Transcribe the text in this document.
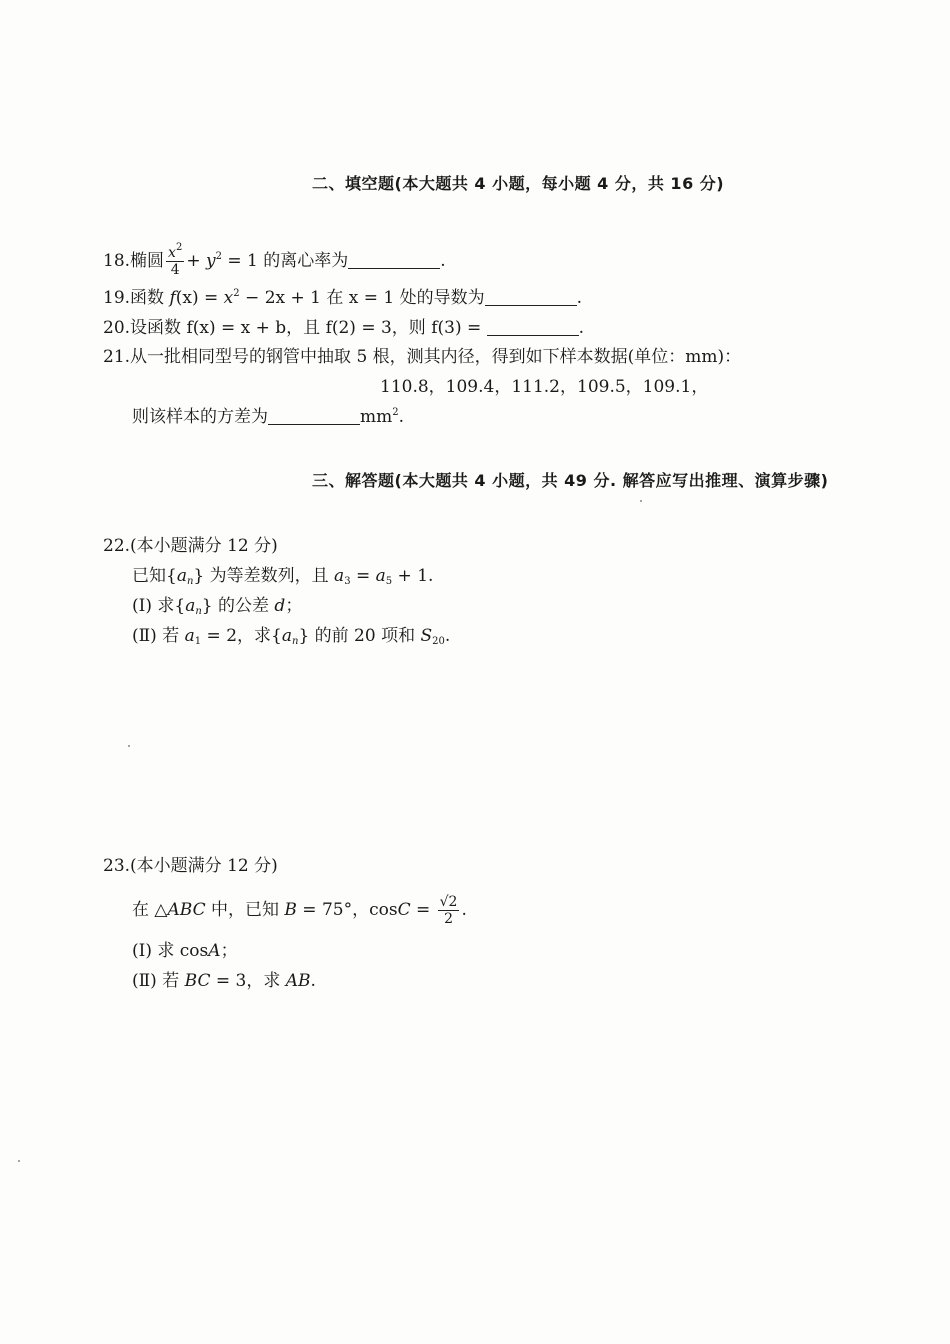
二、填空题(本大题共 4 小题，每小题 4 分，共 16 分)
18.椭圆 $\frac{x^2}{4} + y^2 = 1$ 的离心率为	.
19.函数 $f(x) = x^2 - 2x + 1$ 在 x = 1 处的导数为	.
20.设函数 f(x) = x + b，且 f(2) = 3，则 f(3) =	.
21.从一批相同型号的钢管中抽取 5 根，测其内径，得到如下样本数据(单位：mm)：
110.8，109.4，111.2，109.5，109.1，
则该样本的方差为	$mm^2$.
三、解答题(本大题共 4 小题，共 49 分. 解答应写出推理、演算步骤)
22.(本小题满分 12 分)
已知$\{a_n\}$ 为等差数列，且 $a_3 = a_5 + 1$.
(Ⅰ) 求$\{a_n\}$ 的公差 d；
(Ⅱ) 若 $a_1 = 2$，求$\{a_n\}$ 的前 20 项和 $S_{20}$.
23.(本小题满分 12 分)
在 △ABC 中，已知 B = 75°，$\cos C = \frac{√2}{2}$ .
(Ⅰ) 求 cosA；
(Ⅱ) 若 BC = 3，求 AB.
